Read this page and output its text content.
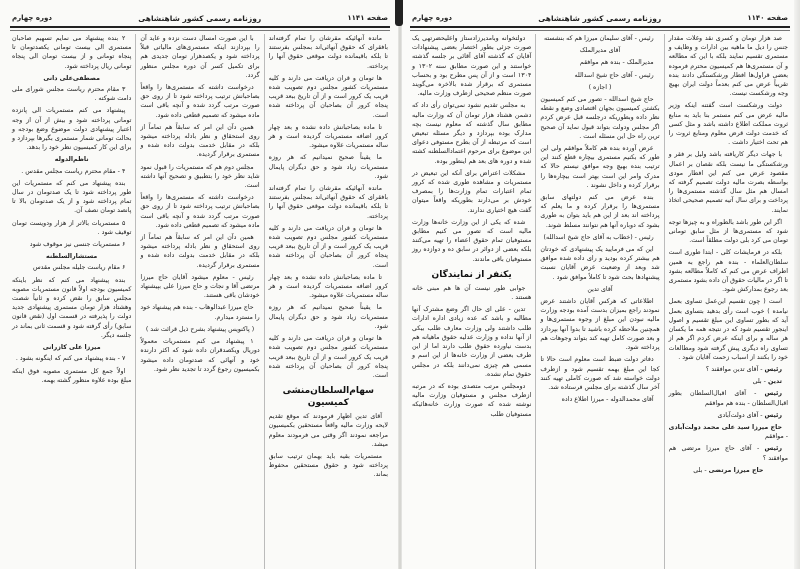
دوره چهارم	روزنامه رسمی کشور شاهنشاهی	صفحه ۱۱۴۱

مانده آنهائیکه مقرشان را تمام گرفته‌اند بافقرای که حقوق آنهائی‌اند بمجلس بفرستند تا بلکه باقیمانده دولت موقعی حقوق آنها را پرداخته.

ها تومان و قران دریافت می دارند و کلیه مستمریات کشور مجلس دوم تصویب شده قریب یک کرور است و از آن تاریخ ببعد قریب پنجاه کرور آن بصاحبان آن پرداخته شده است.

تا ماده بصاحبانش داده نشده و بعد چهار کرور اضافه مستمریات گردیده است و هر ساله مستمریات علاوه میشود.

ما یقیناً صحیح نمیدانیم که هر روزه مستمریات زیاد شود و حق دیگران پایمال شود.

مانده آنهائیکه مقرشان را تمام گرفته‌اند بافقرای که حقوق آنهائی‌اند بمجلس بفرستند تا بلکه باقیمانده دولت موقعی حقوق آنها را پرداخته.

ها تومان و قران دریافت می دارند و کلیه مستمریات کشور مجلس دوم تصویب شده قریب یک کرور است و از آن تاریخ ببعد قریب پنجاه کرور آن بصاحبان آن پرداخته شده است.

تا ماده بصاحبانش داده نشده و بعد چهار کرور اضافه مستمریات گردیده است و هر ساله مستمریات علاوه میشود.

ما یقیناً صحیح نمیدانیم که هر روزه مستمریات زیاد شود و حق دیگران پایمال شود.

ها تومان و قران دریافت می دارند و کلیه مستمریات کشور مجلس دوم تصویب شده قریب یک کرور است و از آن تاریخ ببعد قریب پنجاه کرور آن بصاحبان آن پرداخته شده است.

سهام‌السلطان‌منشی کمیسیون

آقای تدین اظهار فرمودند که موقع تقدیم لایحه وزارت مالیه واقعاً مستحقین بکمیسیون مراجعه نمودند اگر وقتی می فرمودند معلوم میشد.

مستمریات بقیه باید بهمان ترتیب سابق پرداخته شود و حقوق مستحقین محفوظ بماند.

با این صورت امسال دست نزده و عاید آن را بپردازند اینکه مستمری‌های مالیاتی قبلاً پرداخته شود و یکصدهزار تومان جدیدی هم برای تکمیل کسر آن دوره مجلس منظور گردد.

درخواست داشته که مستمری‌ها را واقعاً بصاحبانش ترتیب پرداخته شود تا از روی حق صورت مرتب گردد شده و آنچه باقی است ماده میشود که تصمیم قطعی داده شود.

همین دآن این امر که سابقاً هم تماماً از روی استحقاق و نظر بادله پرداخته میشود بلکه در مقابل خدمت بدولت داده شده و مستمری برقرار گردیده.

مجلس دوم هم که مستمریات را قبول نمود شاید نظر خود را بتطبیق و تصحیح آنها داشته است.

درخواست داشته که مستمری‌ها را واقعاً بصاحبانش ترتیب پرداخته شود تا از روی حق صورت مرتب گردد شده و آنچه باقی است ماده میشود که تصمیم قطعی داده شود.

همین دآن این امر که سابقاً هم تماماً از روی استحقاق و نظر بادله پرداخته میشود بلکه در مقابل خدمت بدولت داده شده و مستمری برقرار گردیده.

رئیس - معلوم میشود آقایان حاج میرزا مرتضی آقا و نجات و حاج میرزا علی بپیشنهاد خودشان باقی هستند.

حاج میرزا عبدالوهاب - بنده هم پیشنهاد خود را مسترد میدارم.

( پاکنویس پیشنهاد بشرح ذیل قرائت شد )

۱ پیشنهاد می کنم مستمریات معمولاً دوریال ویکصدقران داده شود که اکثر دارنده خود و آنهائی که صدتومان داده میشود بکمیسیون رجوع گردد تا تجدید نظر شود.

۲ بنده پیشنهاد می نمایم تسهیم صاحبان مستمری الی بیست تومانی یکصدتومان تا پنجاه تومانی و از بیست تومان الی پنجاه تومانی ریال پرداخته شود.

مصطفی‌علی دانی

۳ مقام محترم ریاست مجلس شورای ملی دامت شوکته .

پیشنهاد می کنم مستمریات الی پانزده تومانی پرداخته شود و بیش از آن از وجه اعتبار پیشنهادی دولت موضوع وضع بودجه و بحالت تومانی شمار مستمری بگیرها بپردازد و برای این کار کمیسیون نظر خود را بدهد.

ناظم‌الدوله

۴ - مقام محترم ریاست مجلس مقدس .

بنده پیشنهاد می کنم که مستمریات این طور پرداخته شود تا یک صدتومان در سال تمام پرداخته شود و از یک صدتومان بالا تا پانصد تومان نصف آن.

۵ مستمریات بالاتر از هزار ودویست تومان توقیف شود .

۶ مستمریات جنسی نیز موقوف شود

مستشارالسلطنه

۶ مقام ریاست جلیله مجلس مقدس

بنده پیشنهاد می کنم که نظر باینکه کمیسیون بودجه اولاً قانون مستمریات مصوبه مجلس سابق را نقض کرده و ثانیاً شصت وهشتاد هزار تومان مستمری پیشنهادی جدید دولت را پذیرفته در قسمت اول (نقض قانون سابق) رأی گرفته شود و قسمت ثانی بماند در جلسه دیگر.

میرزا علی کازرانی

۷ - بنده پیشنهاد می کنم که اینگونه بشود .

اولاً جمع کل مستمری مصوبه فوق اینکه مبلغ بوده علاوه منظور گشته بهمه.

دوره چهارم	روزنامه رسمی کشور شاهنشاهی	صفحه ۱۱۴۰

صد هزار تومان و کسری نقد وغلات مقدار جنس را دیل ما ماهیه بین ادارات و وظایف و مستمری تقسیم نمایند بلکه با این که مطالعه و آن مستمری‌ها هم کمیسیون محترم فرموده بعضی قراول‌ها افطار ورشکستگی دادند بنده تقریباً عرض می کنم بعدماً دولت ایران بهیچ وجه ورشکست نیست.

دولت ورشکست است گفتنه اینکه وزیر مالیه عرض می کنم مستمر بنا باید به منابع ثروت مملکت اطلاع داشته باشد و مثل کسی که خدمت دولت قرض معلوم ومنابع ثروت را هم تحت اختیار داشت .

با جهات دیگر کاریافته باشد ولیل بر فقر و ورشکستگی ما نیست بلکه نقصان بر اعمال مقصود عرض می کنم این افطار مودی بواسطه بصرت مالیه دولت تصمیم گرفته که امسال هم مثل سال گذشته مستمری‌ها را پرداخت و برای سال آتیه تصمیم صحیحی اتخاذ نمایند.

اگر این طور باشد بالطوراه و به چیزها توجه شود که مستمری‌ها از مثل سابق تومانی تومان می کرد بلی دولت مطلقاً است.

بلکه در فرمایشات کلی - ابتدا طوری است سلطان‌العلماء - بنده هم راجع به همین اطراف عرض می کنم که کاملاً مطالعه بشود تا اگر در مالیات حقوق آن داده بشود مستمری بعد رجوع بمدارکش شود.

است ( چون تقسیم این‌عمل تساوی بعمل نیامده ) خوب است رأی بدهید بتساوی بعمل آید که بطور تساوی این مبلغ تقسیم و اصول اینجور تقسیم شود که در نتیجه همه ما یکسان هر ساله و برای اینکه عرض کردم اگر هم از تساوی راه دیگری پیش گرفته شود ومطالعات خود را بکنند از اسباب زحمت آقایان شود .

رئیس - آقای تدین موافقند ؟

تدین - بلی

رئیس - آقای اقبال‌السلطان بطور اقبال‌السلطان - بنده هم موافقم

رئیس - آقای دولت‌آبادی

حاج میرزا سید علی محمد دولت‌آبادی - موافقم

رئیس - آقای حاج میرزا مرتضی هم موافقند ؟

حاج میرزا مرتضی - بلی

رئیس - آقای سلیمان میرزا هم که بنشسته

آقای مدیرالملک

مدیرالملک - بنده هم موافقم

رئیس - آقای حاج شیخ اسدالله

( اجازه )

حاج شیخ اسدالله - تصور می کنم کمیسیون بکشتن کمیسیون بجهان اقتصادی وضع و نقطه نظر داده وبطوریکه درجلسه قبل عرض کردم اگر مجلس ودولت بتواند قبول نماید آن صحیح ترین راه حل این مسئله است .

عرض آورده بنده هم کاملاً موافقم ولی این طور که بکنیم مستمری بیچاره قطع کنند این ترتیب بنده بهیچ وجه موافق نیستم حالا که مدرک وامر این است بهتر است بیچاره‌ها را برقرار کرده و داخل نشوند .

بنده عرض می کنم دولتهای سابق مستمری‌ها را برقرار کرده و ما یعلم که پرداخته اند بعد از این هم باید بتوان به طوری بشود که دوباره آنها هم نتوانند مسلط شوند.

رئیس - (خطاب به آقای حاج شیخ اسدالله)

این که می فرمایید یک پیشنهادی که خودتان هم بیشتر کرده بودید و رای داده شده موافق شد وبعد از وضعیت عرض آقایان نسبت پیشنهادها بحث شود تا کاملاً موافق شود .

آقای تدین

اطلاعاتی که هرکس آقایان داشتند عرض نمودند راجع بمیزان بدست آمده بودجه وزارت مالیه نبودن این مبلغ از وجوه مستمری‌ها و همچنین ملاحظه کرده باشید تا بدوا آنها بپردازد و بعد صورت کامل تهیه کند بتواند وجوهات هم پرداخته شود.

دفاتر دولت ضبط است معلوم است حالا تا کجا این مبلغ بهمه تقسیم شود و ازطرف دولت خواسته شد که صورت کاملی تهیه کنند آخر سال گذشته برای مجلس فرستاده شد.

آقای محمدالدوله - میرزا اطلاع داده

دولتخوانه وبامدیرزادستاز واعلیحضرتهی یک صورت جزئی بطور اختصار بعضی پیشنهادات آقایان که گذشته آقای آقائی بر جلسه گذشته خواستند و این صورت مطابق سنه ۱۳۰۲ و ۱۳۰۴ است و از آن پس مطرح بود و بحساب مستمری که برقرار شده بالاخره می‌گویند صورت منظم صحیحی ازطرف وزارت مالیه.

به مجلس تقدیم نشود نمی‌توان رأی داد که دشمن هشتاد هزار تومان آن که وزارت مالیه مطابق سال گذشته که معلوم نیست بچه مدارک بوده بپردازد و دیگر مسئله تبعیض است که مرتبطه از آن بطرح مستوفی دعوای این موضوع برای مرحوم اعتمادالسلطنه کشته شده و دوره های بعد هم اینطور بوده.

مشکلات اعتراض برای آنکه این تبعیض در مستمریات و مشاهده طوری شده که کرور تمام اعتبارات تمام وزارت‌ها را بمصرف خودش بر می‌دارند بطوریکه واقعاً میتوان گفت هیچ اختیاری ندارند.

شده که یکی از این وزارت خانه‌ها وزارت مالیه است که تصور می کنیم مطابق مستوفیان تمام حقوق اعضاء را تهیه می‌کنند بلکه بعضی از دوائر در سابق ده و دوازده روز مستوفیان باقی ماندند.

یکنفر از نمایندگان

جوابی طور نیست آن ها هم مبنی خانه هستند .

تدین - علی ای حال اگر وضع مشترک آنها مطالبه و باشد که عده زیادی اداره ادارات طلب داشتند ولی وزارت معارف طلب بیکی از آنها نداده و وزارت عدلیه حقوق ماهیانه هم بدست نیاورده حقوق طلب دارند اما از این طرف بعضی از وزارت خانه‌ها از این اسم و مسمی هم چیزی نمی‌دانند بلکه در مجلس حقوق تمام نشده.

دومجلس مرتب متصدی بوده که در مرتبه ازطرف مجلس و مستوفیان وزارت مالیه نوشته شده که صورت وزارت خانه‌هائیکه مستوفیان طلب
